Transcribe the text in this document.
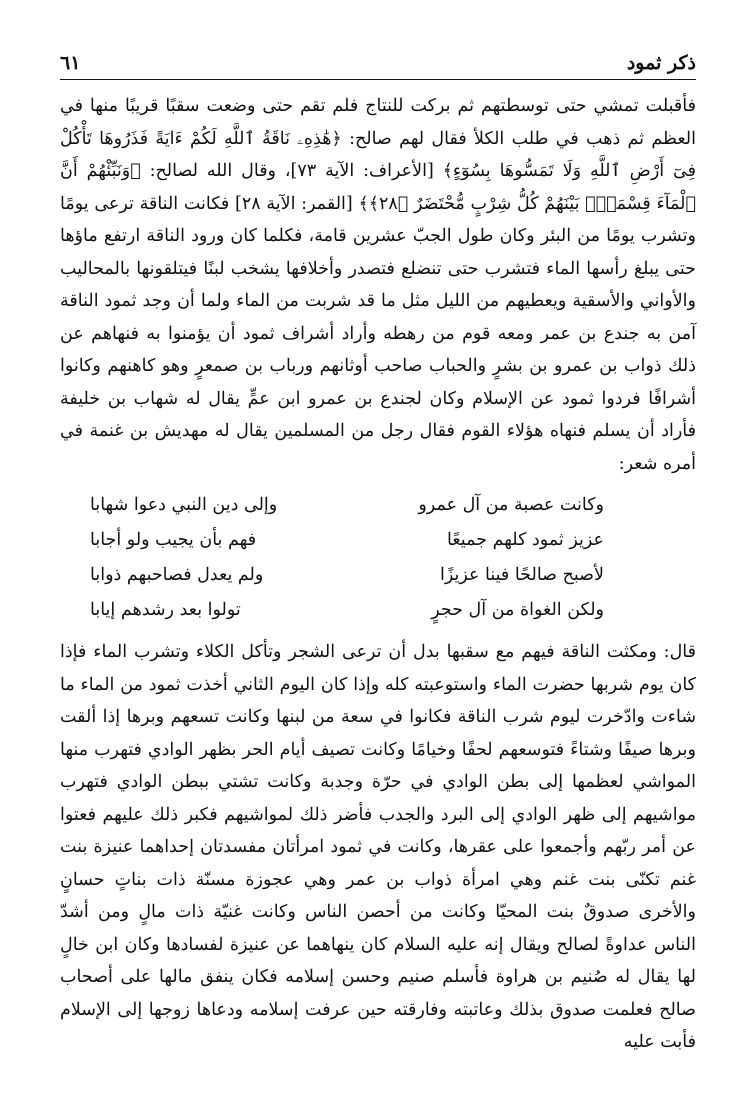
ذكر ثمود
٦١

فأقبلت تمشي حتى توسطتهم ثم بركت للنتاج فلم تقم حتى وضعت سقبًا قريبًا منها في العظم ثم ذهب في طلب الكلأ فقال لهم صالح: ﴿هَٰذِهِۦ نَاقَةُ ٱللَّهِ لَكُمْ ءَايَةً فَذَرُوهَا تَأْكُلْ فِىٓ أَرْضِ ٱللَّهِ وَلَا تَمَسُّوهَا بِسُوٓءٍ﴾ [الأعراف: الآية ٧٣]، وقال الله لصالح: ﴿وَنَبِّئْهُمْ أَنَّ ٱلْمَآءَ قِسْمَةٌۢ بَيْنَهُمْ كُلُّ شِرْبٍ مُّحْتَضَرٌ ﴿٢٨﴾﴾ [القمر: الآية ٢٨] فكانت الناقة ترعى يومًا وتشرب يومًا من البئر وكان طول الجبّ عشرين قامة، فكلما كان ورود الناقة ارتفع ماؤها حتى يبلغ رأسها الماء فتشرب حتى تنضلع فتصدر وأخلافها يشخب لبنًا فيتلقونها بالمحاليب والأواني والأسقية ويعطيهم من الليل مثل ما قد شربت من الماء ولما أن وجد ثمود الناقة آمن به جندع بن عمر ومعه قوم من رهطه وأراد أشراف ثمود أن يؤمنوا به فنهاهم عن ذلك ذواب بن عمرو بن بشرٍ والحباب صاحب أوثانهم ورباب بن صمعرٍ وهو كاهنهم وكانوا أشرافًا فردوا ثمود عن الإسلام وكان لجندع بن عمرو ابن عمٍّ يقال له شهاب بن خليفة فأراد أن يسلم فنهاه هؤلاء القوم فقال رجل من المسلمين يقال له مهديش بن غنمة في أمره شعر:

وكانت عصبة من آل عمرو
وإلى دين النبي دعوا شهابا
عزيز ثمود كلهم جميعًا
فهم بأن يجيب ولو أجابا
لأصبح صالحًا فينا عزيزًا
ولم يعدل فصاحبهم ذوابا
ولكن الغواة من آل حجرٍ
تولوا بعد رشدهم إيابا

قال: ومكثت الناقة فيهم مع سقبها بدل أن ترعى الشجر وتأكل الكلاء وتشرب الماء فإذا كان يوم شربها حضرت الماء واستوعبته كله وإذا كان اليوم الثاني أخذت ثمود من الماء ما شاءت وادّخرت ليوم شرب الناقة فكانوا في سعة من لبنها وكانت تسعهم وبرها إذا ألقت وبرها صيفًا وشتاءً فتوسعهم لحفًا وخيامًا وكانت تصيف أيام الحر بظهر الوادي فتهرب منها المواشي لعظمها إلى بطن الوادي في حرّة وجدبة وكانت تشتي ببطن الوادي فتهرب مواشيهم إلى ظهر الوادي إلى البرد والجدب فأضر ذلك لمواشيهم فكبر ذلك عليهم فعتوا عن أمر ربّهم وأجمعوا على عقرها، وكانت في ثمود امرأتان مفسدتان إحداهما عنيزة بنت غنم تكنّى بنت غنم وهي امرأة ذواب بن عمر وهي عجوزة مسنّة ذات بناتٍ حسانٍ والأخرى صدوقٌ بنت المحيّا وكانت من أحصن الناس وكانت غنيّة ذات مالٍ ومن أشدّ الناس عداوةً لصالح ويقال إنه عليه السلام كان ينهاهما عن عنيزة لفسادها وكان ابن خالٍ لها يقال له صُنيم بن هراوة فأسلم صنيم وحسن إسلامه فكان ينفق مالها على أصحاب صالح فعلمت صدوق بذلك وعاتبته وفارقته حين عرفت إسلامه ودعاها زوجها إلى الإسلام فأبت عليه
